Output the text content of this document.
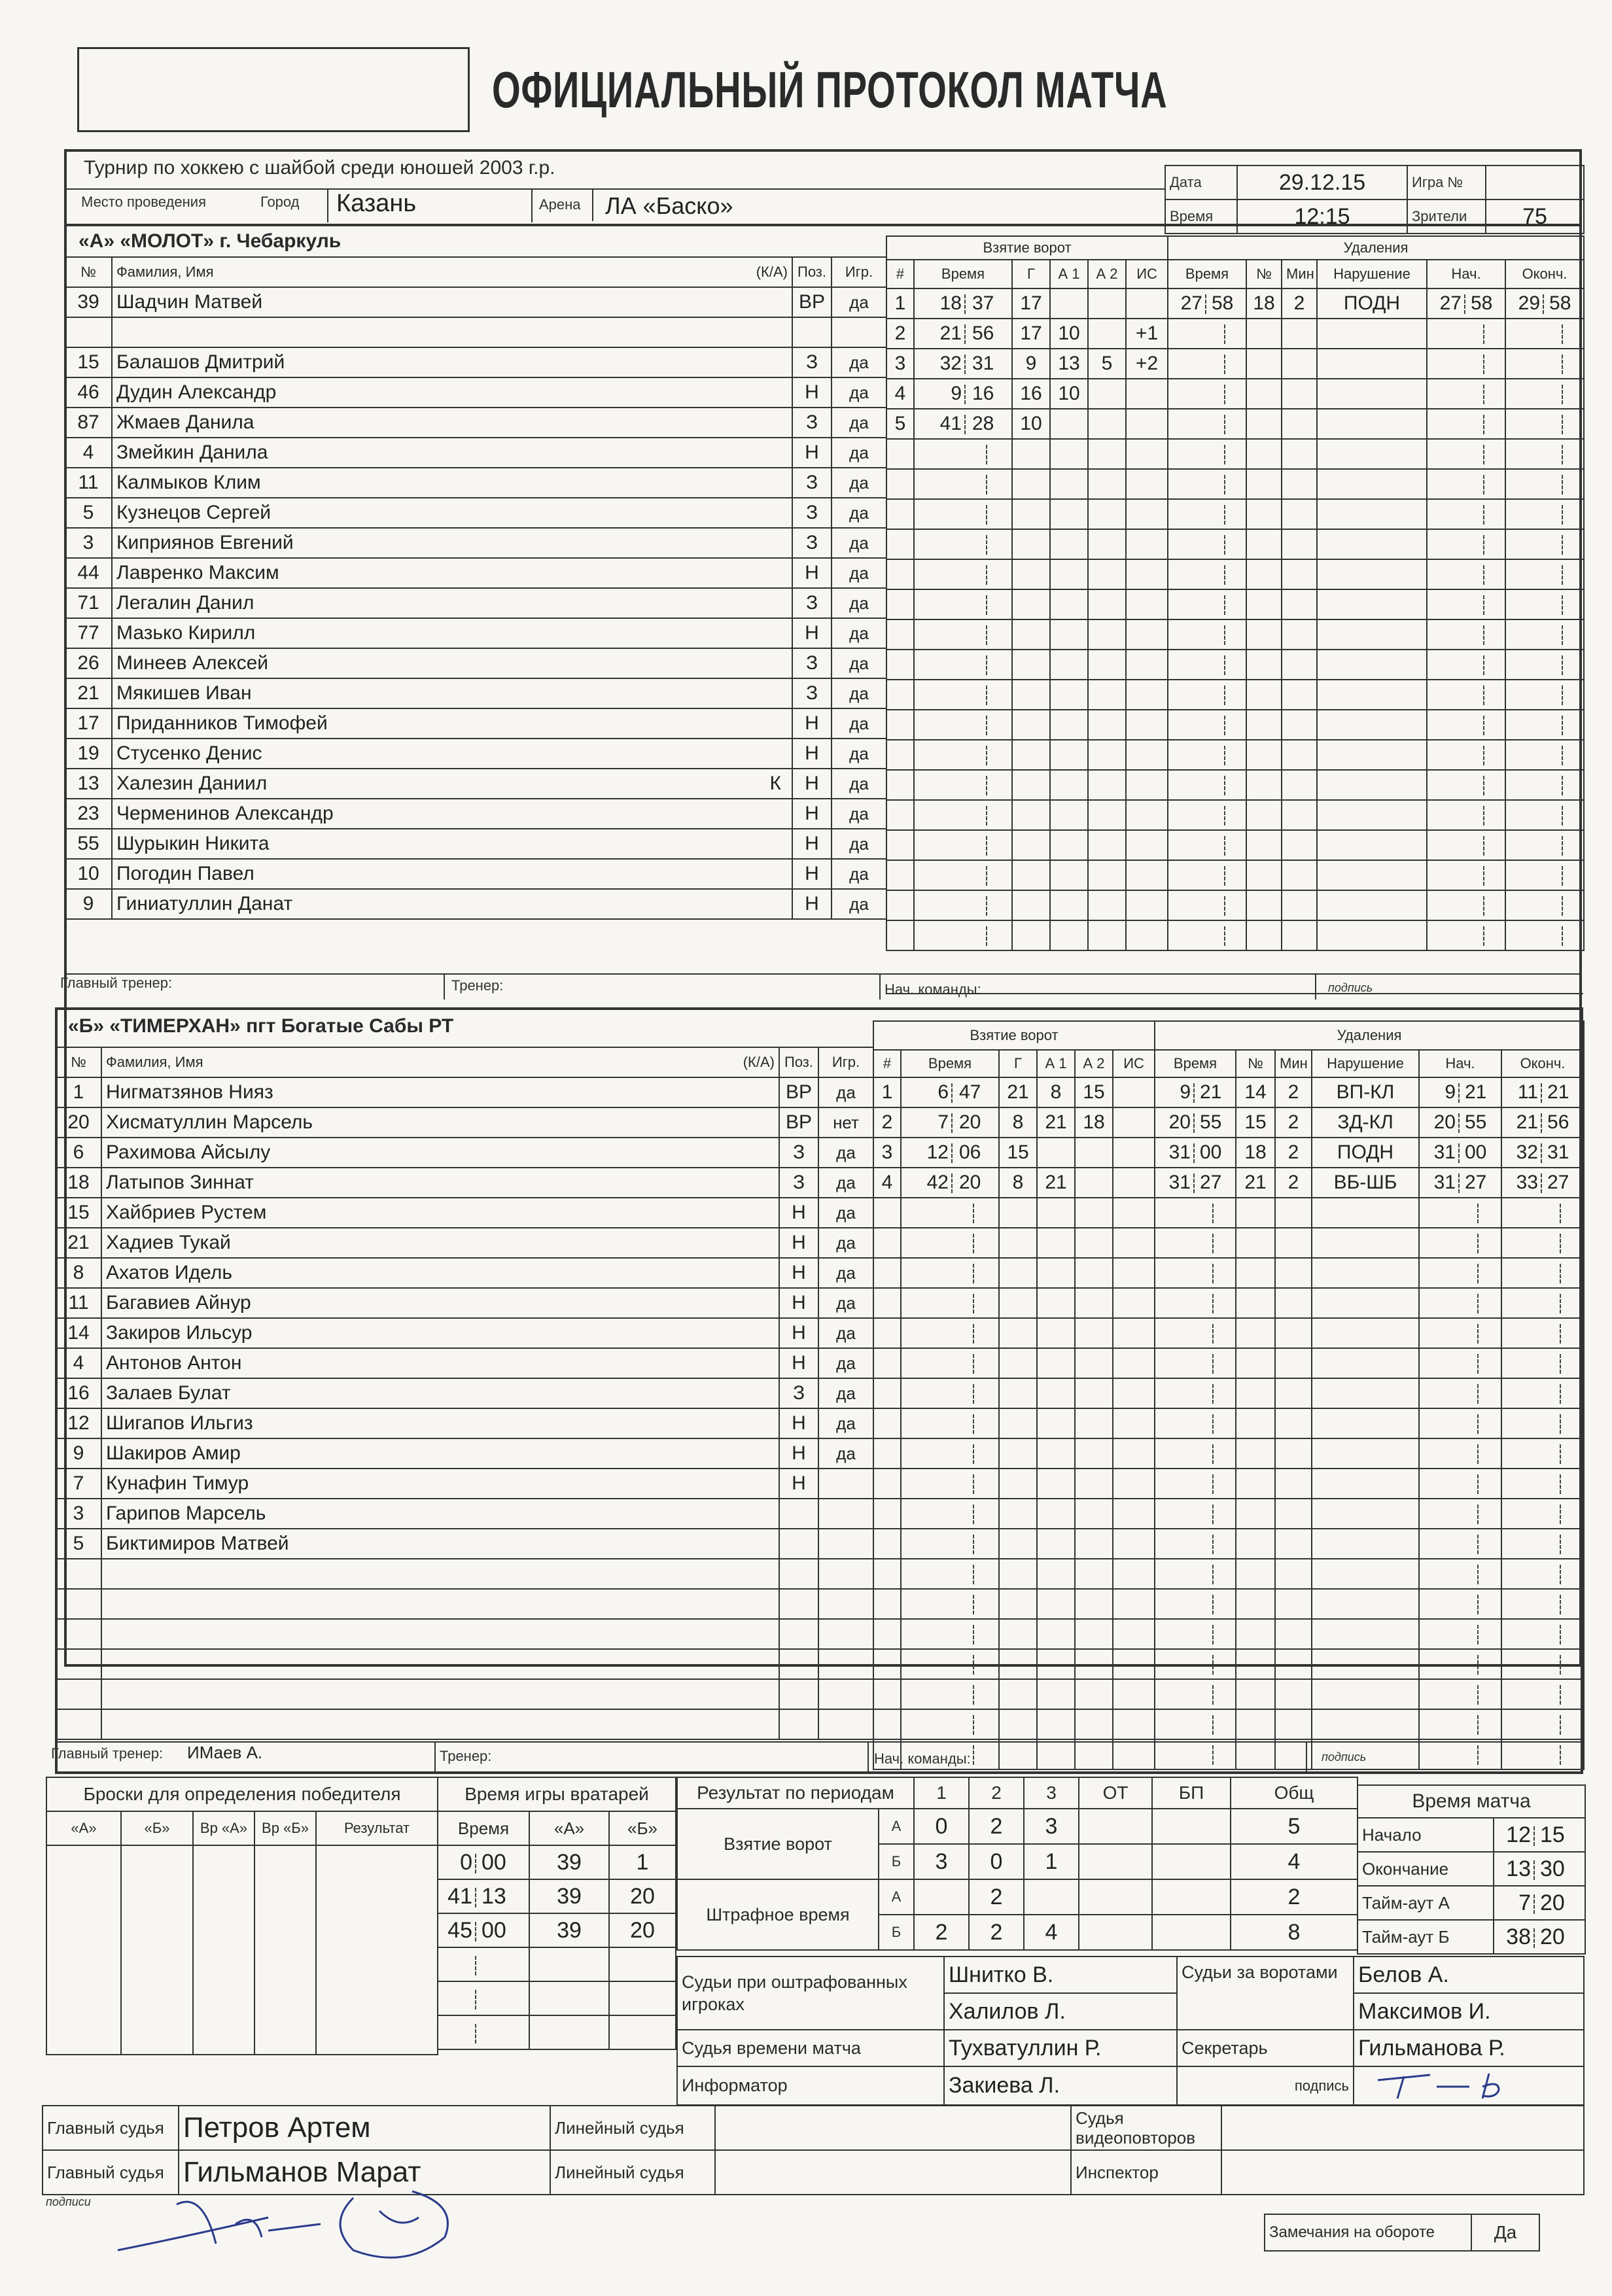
ОФИЦИАЛЬНЫЙ ПРОТОКОЛ МАТЧА
Турнир по хоккею с шайбой среди юношей 2003 г.р.
Место проведения	Город Казань	Арена ЛА «Баско»
Дата	29.12.15	Игра №	
Время	12:15	Зрители	75
«А» «МОЛОТ» г. Чебаркуль
№	Фамилия, Имя (К/А)	Поз.	Игр.
39	Шадчин Матвей	ВР	да

15	Балашов Дмитрий	З	да
46	Дудин Александр	Н	да
87	Жмаев Данила	З	да
4	Змейкин Данила	Н	да
11	Калмыков Клим	З	да
5	Кузнецов Сергей	З	да
3	Киприянов Евгений	З	да
44	Лавренко Максим	Н	да
71	Легалин Данил	З	да
77	Мазько Кирилл	Н	да
26	Минеев Алексей	З	да
21	Мякишев Иван	З	да
17	Приданников Тимофей	Н	да
19	Стусенко Денис	Н	да
13	Халезин Даниил К	Н	да
23	Черменинов Александр	Н	да
55	Шурыкин Никита	Н	да
10	Погодин Павел	Н	да
9	Гиниатуллин Данат	Н	да
Взятие ворот					
#	Время	Г	А 1	А 2	ИС
1	18 37	17			
2	21 56	17	10		+1
3	32 31	9	13	5	+2
4	9 16	16	10		
5	41 28	10			

Удаления					
Время	№	Мин	Нарушение	Нач.	Оконч.
27 58	18	2	ПОДН	27 58	29 58

Главный тренер:	Тренер:	Нач. команды:	подпись
«Б» «ТИМЕРХАН» пгт Богатые Сабы РТ
№	Фамилия, Имя (К/А)	Поз.	Игр.
1	Нигматзянов Нияз	ВР	да
20	Хисматуллин Марсель	ВР	нет
6	Рахимова Айсылу	З	да
18	Латыпов Зиннат	З	да
15	Хайбриев Рустем	Н	да
21	Хадиев Тукай	Н	да
8	Ахатов Идель	Н	да
11	Багавиев Айнур	Н	да
14	Закиров Ильсур	Н	да
4	Антонов Антон	Н	да
16	Залаев Булат	З	да
12	Шигапов Ильгиз	Н	да
9	Шакиров Амир	Н	да
7	Кунафин Тимур	Н	
3	Гарипов Марсель

5	Биктимиров Матвей

Взятие ворот					
#	Время	Г	А 1	А 2	ИС
1	6 47	21	8	15	
2	7 20	8	21	18	
3	12 06	15			
4	42 20	8	21		

Удаления					
Время	№	Мин	Нарушение	Нач.	Оконч.
9 21	14	2	ВП-КЛ	9 21	11 21
20 55	15	2	ЗД-КЛ	20 55	21 56
31 00	18	2	ПОДН	31 00	32 31
31 27	21	2	ВБ-ШБ	31 27	33 27

Главный тренер: ИМаев А.	Тренер:	Нач. команды:	подпись
Броски для определения победителя				
«А»	«Б»	Вр «А»	Вр «Б»	Результат

Время игры вратарей		
Время	«А»	«Б»
0 00	39	1
41 13	39	20
45 00	39	20

Результат по периодам		1	2	3	ОТ	БП	Общ
Взятие ворот	А	0	2	3			5
	Б	3	0	1			4
Штрафное время	А		2				2
	Б	2	2	4			8
Время матча	
Начало	12 15
Окончание	13 30
Тайм-аут А	7 20
Тайм-аут Б	38 20
Судьи при оштрафованных игроках	Шнитко В.	Судьи за воротами	Белов А.
	Халилов Л.		Максимов И.
Судья времени матча	Тухватуллин Р.	Секретарь	Гильманова Р.
Информатор	Закиева Л.	подпись	
Главный судья	Петров Артем	Линейный судья		Судья видеоповторов	
Главный судья	Гильманов Марат	Линейный судья		Инспектор	
подписи
Замечания на обороте	Да
